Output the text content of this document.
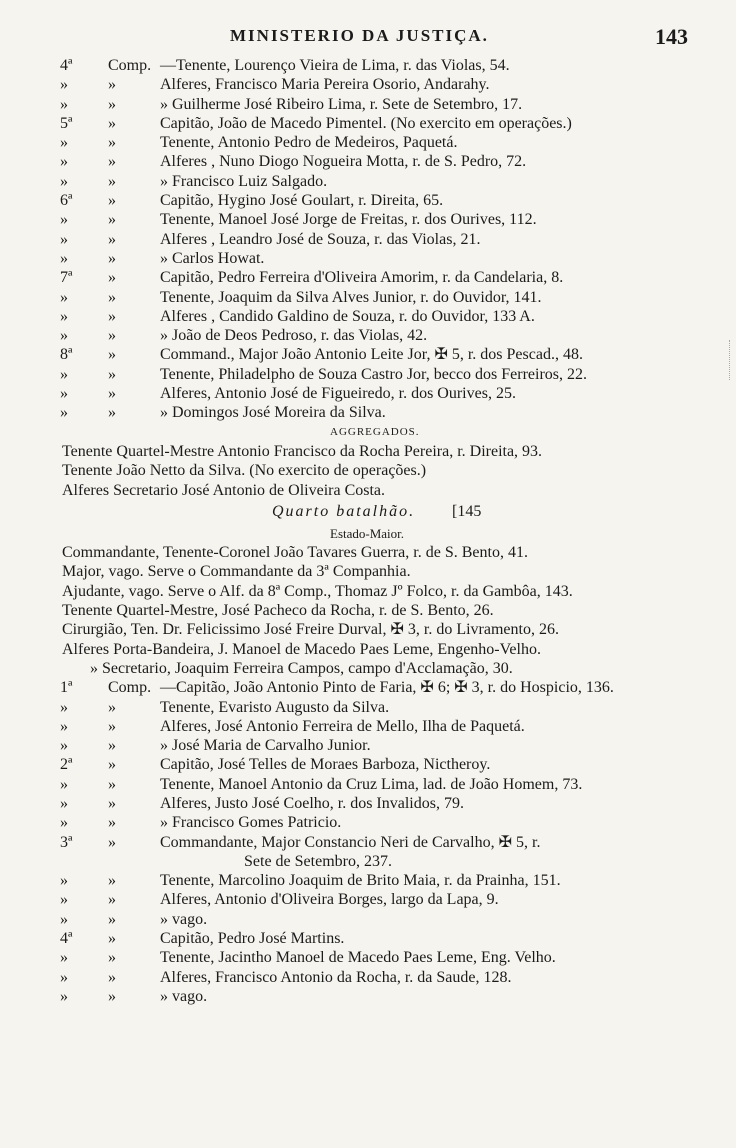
MINISTERIO DA JUSTIÇA.	143
4ª	Comp. —Tenente, Lourenço Vieira de Lima, r. das Violas, 54.
»	»	Alferes, Francisco Maria Pereira Osorio, Andarahy.
»	»	» Guilherme José Ribeiro Lima, r. Sete de Setembro, 17.
5ª	»	Capitão, João de Macedo Pimentel. (No exercito em operações.)
»	»	Tenente, Antonio Pedro de Medeiros, Paquetá.
»	»	Alferes , Nuno Diogo Nogueira Motta, r. de S. Pedro, 72.
»	»	» Francisco Luiz Salgado.
6ª	»	Capitão, Hygino José Goulart, r. Direita, 65.
»	»	Tenente, Manoel José Jorge de Freitas, r. dos Ourives, 112.
»	»	Alferes , Leandro José de Souza, r. das Violas, 21.
»	»	» Carlos Howat.
7ª	»	Capitão, Pedro Ferreira d'Oliveira Amorim, r. da Candelaria, 8.
»	»	Tenente, Joaquim da Silva Alves Junior, r. do Ouvidor, 141.
»	»	Alferes , Candido Galdino de Souza, r. do Ouvidor, 133 A.
»	»	» João de Deos Pedroso, r. das Violas, 42.
8ª	»	Command., Major João Antonio Leite Jor, ✠ 5, r. dos Pescad., 48.
»	»	Tenente, Philadelpho de Souza Castro Jor, becco dos Ferreiros, 22.
»	»	Alferes, Antonio José de Figueiredo, r. dos Ourives, 25.
»	»	» Domingos José Moreira da Silva.
AGGREGADOS.
Tenente Quartel-Mestre Antonio Francisco da Rocha Pereira, r. Direita, 93.
Tenente João Netto da Silva. (No exercito de operações.)
Alferes Secretario José Antonio de Oliveira Costa.
Quarto batalhão. [145
Estado-Maior.
Commandante, Tenente-Coronel João Tavares Guerra, r. de S. Bento, 41.
Major, vago. Serve o Commandante da 3ª Companhia.
Ajudante, vago. Serve o Alf. da 8ª Comp., Thomaz Jº Folco, r. da Gambôa, 143.
Tenente Quartel-Mestre, José Pacheco da Rocha, r. de S. Bento, 26.
Cirurgião, Ten. Dr. Felicissimo José Freire Durval, ✠ 3, r. do Livramento, 26.
Alferes Porta-Bandeira, J. Manoel de Macedo Paes Leme, Engenho-Velho.
» Secretario, Joaquim Ferreira Campos, campo d'Acclamação, 30.
1ª	Comp. —Capitão, João Antonio Pinto de Faria, ✠ 6; ✠ 3, r. do Hospicio, 136.
»	»	Tenente, Evaristo Augusto da Silva.
»	»	Alferes, José Antonio Ferreira de Mello, Ilha de Paquetá.
»	»	» José Maria de Carvalho Junior.
2ª	»	Capitão, José Telles de Moraes Barboza, Nictheroy.
»	»	Tenente, Manoel Antonio da Cruz Lima, lad. de João Homem, 73.
»	»	Alferes, Justo José Coelho, r. dos Invalidos, 79.
»	»	» Francisco Gomes Patricio.
3ª	»	Commandante, Major Constancio Neri de Carvalho, ✠ 5, r.
Sete de Setembro, 237.
»	»	Tenente, Marcolino Joaquim de Brito Maia, r. da Prainha, 151.
»	»	Alferes, Antonio d'Oliveira Borges, largo da Lapa, 9.
»	»	» vago.
4ª	»	Capitão, Pedro José Martins.
»	»	Tenente, Jacintho Manoel de Macedo Paes Leme, Eng. Velho.
»	»	Alferes, Francisco Antonio da Rocha, r. da Saude, 128.
»	»	» vago.
